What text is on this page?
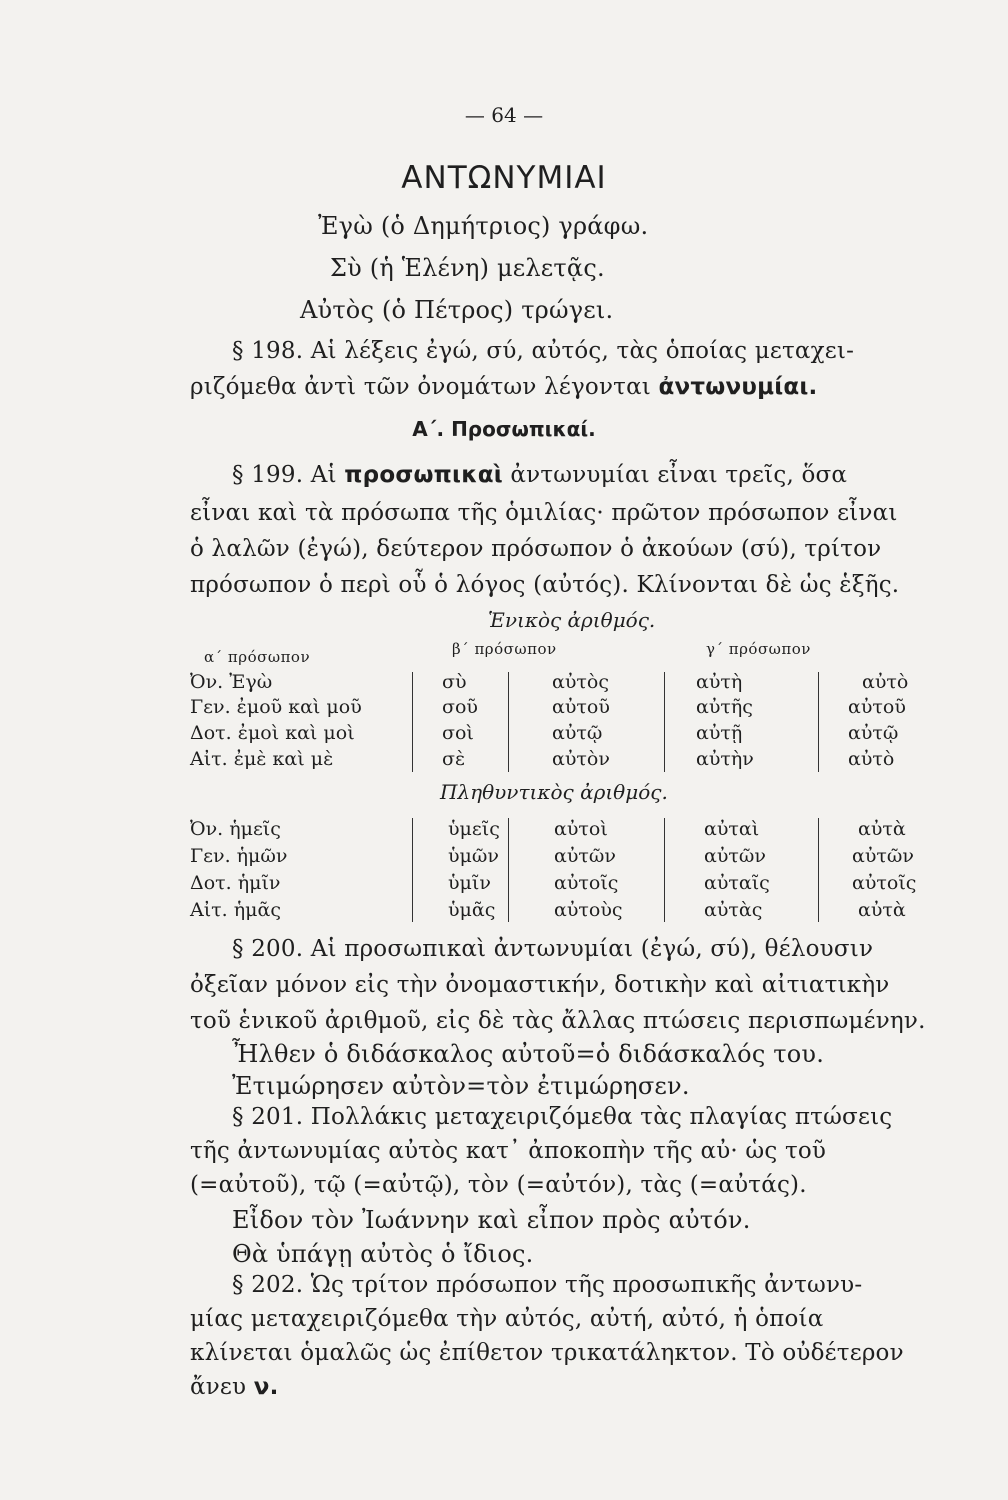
— 64 —
ΑΝΤΩΝΥΜΙΑΙ
Ἐγὼ (ὁ Δημήτριος) γράφω.
Σὺ (ἡ Ἑλένη) μελετᾷς.
Αὐτὸς (ὁ Πέτρος) τρώγει.
§ 198. Αἱ λέξεις ἐγώ, σύ, αὐτός, τὰς ὁποίας μεταχει-
ριζόμεθα ἀντὶ τῶν ὀνομάτων λέγονται ἀντωνυμίαι.
Α΄. Προσωπικαί.
§ 199. Αἱ προσωπικαὶ ἀντωνυμίαι εἶναι τρεῖς, ὅσα
εἶναι καὶ τὰ πρόσωπα τῆς ὁμιλίας· πρῶτον πρόσωπον εἶναι
ὁ λαλῶν (ἐγώ), δεύτερον πρόσωπον ὁ ἀκούων (σύ), τρίτον
πρόσωπον ὁ περὶ οὗ ὁ λόγος (αὐτός). Κλίνονται δὲ ὡς ἑξῆς.
Ἑνικὸς ἀριθμός.
α΄ πρόσωπον	β΄ πρόσωπον	γ΄ πρόσωπον
Ὀν. Ἐγὼ	σὺ	αὐτὸς	αὐτὴ	αὐτὸ
Γεν. ἐμοῦ καὶ μοῦ	σοῦ	αὐτοῦ	αὐτῆς	αὐτοῦ
Δοτ. ἐμοὶ καὶ μοὶ	σοὶ	αὐτῷ	αὐτῇ	αὐτῷ
Αἰτ. ἐμὲ καὶ μὲ	σὲ	αὐτὸν	αὐτὴν	αὐτὸ
Πληθυντικὸς ἀριθμός.
Ὀν. ἡμεῖς	ὑμεῖς	αὐτοὶ	αὐταὶ	αὐτὰ
Γεν. ἡμῶν	ὑμῶν	αὐτῶν	αὐτῶν	αὐτῶν
Δοτ. ἡμῖν	ὑμῖν	αὐτοῖς	αὐταῖς	αὐτοῖς
Αἰτ. ἡμᾶς	ὑμᾶς	αὐτοὺς	αὐτὰς	αὐτὰ
§ 200. Αἱ προσωπικαὶ ἀντωνυμίαι (ἐγώ, σύ), θέλουσιν
ὀξεῖαν μόνον εἰς τὴν ὀνομαστικήν, δοτικὴν καὶ αἰτιατικὴν
τοῦ ἑνικοῦ ἀριθμοῦ, εἰς δὲ τὰς ἄλλας πτώσεις περισπωμένην.
Ἦλθεν ὁ διδάσκαλος αὐτοῦ=ὁ διδάσκαλός του.
Ἐτιμώρησεν αὐτὸν=τὸν ἐτιμώρησεν.
§ 201. Πολλάκις μεταχειριζόμεθα τὰς πλαγίας πτώσεις
τῆς ἀντωνυμίας αὐτὸς κατ᾽ ἀποκοπὴν τῆς αὐ· ὡς τοῦ
(=αὐτοῦ), τῷ (=αὐτῷ), τὸν (=αὐτόν), τὰς (=αὐτάς).
Εἶδον τὸν Ἰωάννην καὶ εἶπον πρὸς αὐτόν.
Θὰ ὑπάγῃ αὐτὸς ὁ ἴδιος.
§ 202. Ὡς τρίτον πρόσωπον τῆς προσωπικῆς ἀντωνυ-
μίας μεταχειριζόμεθα τὴν αὐτός, αὐτή, αὐτό, ἡ ὁποία
κλίνεται ὁμαλῶς ὡς ἐπίθετον τρικατάληκτον. Τὸ οὐδέτερον
ἄνευ ν.
